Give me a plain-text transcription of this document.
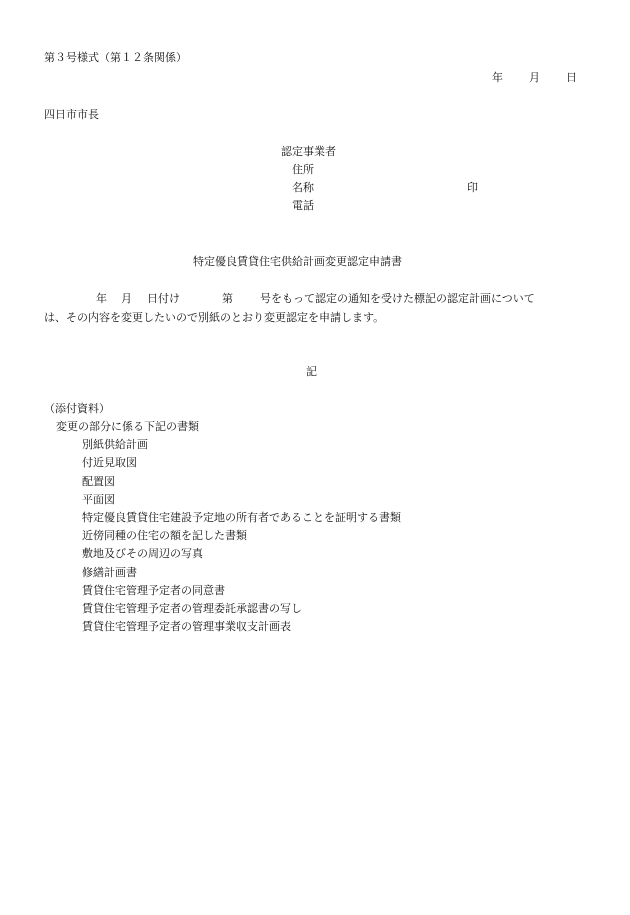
第３号様式（第１２条関係）
年 月 日
四日市市長
認定事業者
住所
名称	印
電話
特定優良賃貸住宅供給計画変更認定申請書
年 月 日付け	第 号をもって認定の通知を受けた標記の認定計画について
は、その内容を変更したいので別紙のとおり変更認定を申請します。
記
（添付資料）
変更の部分に係る下記の書類
別紙供給計画
付近見取図
配置図
平面図
特定優良賃貸住宅建設予定地の所有者であることを証明する書類
近傍同種の住宅の額を記した書類
敷地及びその周辺の写真
修繕計画書
賃貸住宅管理予定者の同意書
賃貸住宅管理予定者の管理委託承認書の写し
賃貸住宅管理予定者の管理事業収支計画表
